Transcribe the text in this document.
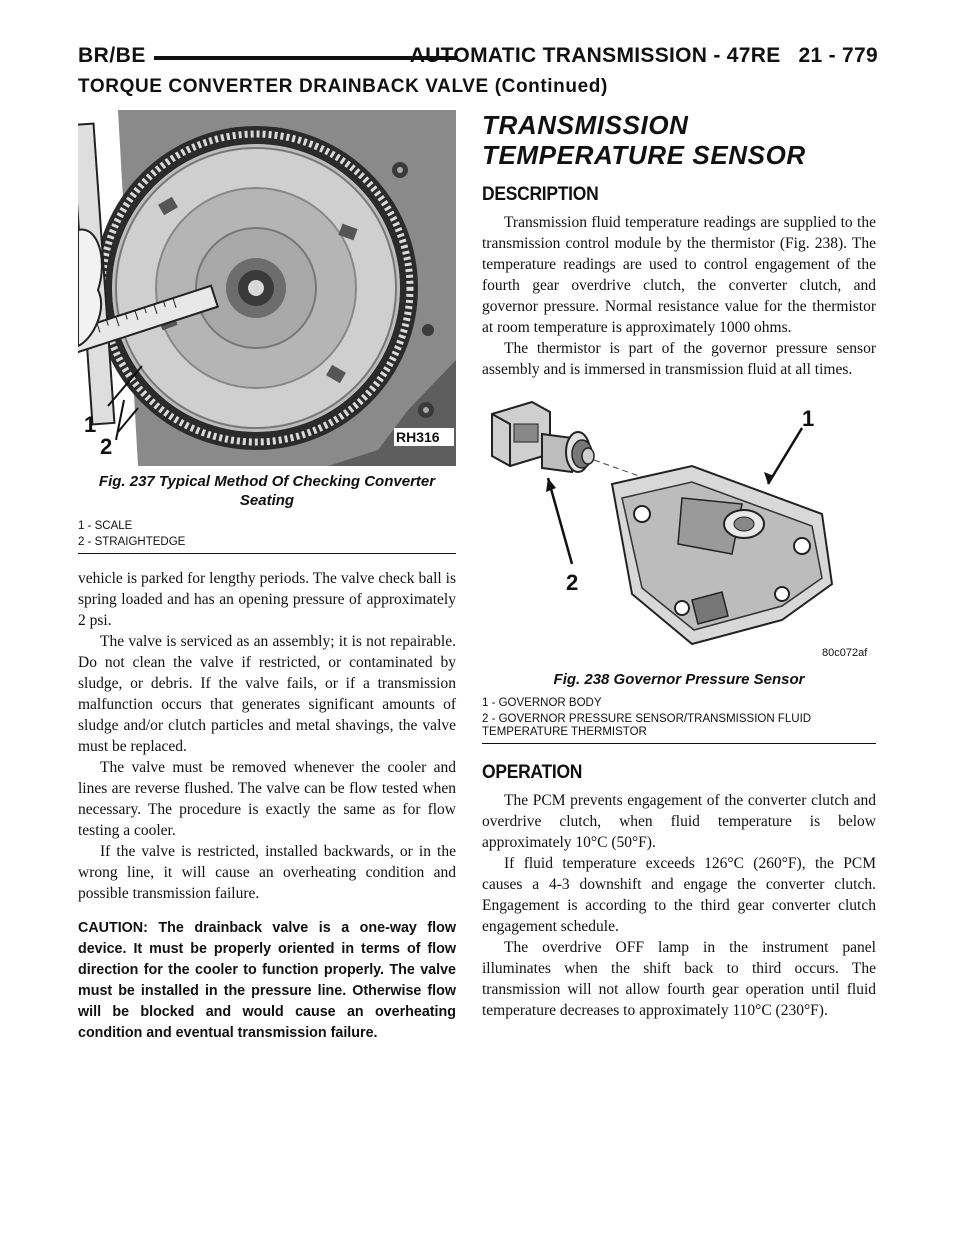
BR/BE	AUTOMATIC TRANSMISSION - 47RE 21 - 779
TORQUE CONVERTER DRAINBACK VALVE (Continued)
1
2	RH316
Fig. 237 Typical Method Of Checking Converter Seating
1 - SCALE
2 - STRAIGHTEDGE

vehicle is parked for lengthy periods. The valve check ball is spring loaded and has an opening pressure of approximately 2 psi.

The valve is serviced as an assembly; it is not repairable. Do not clean the valve if restricted, or contaminated by sludge, or debris. If the valve fails, or if a transmission malfunction occurs that generates significant amounts of sludge and/or clutch particles and metal shavings, the valve must be replaced.

The valve must be removed whenever the cooler and lines are reverse flushed. The valve can be flow tested when necessary. The procedure is exactly the same as for flow testing a cooler.

If the valve is restricted, installed backwards, or in the wrong line, it will cause an overheating condition and possible transmission failure.

CAUTION: The drainback valve is a one-way flow device. It must be properly oriented in terms of flow direction for the cooler to function properly. The valve must be installed in the pressure line. Otherwise flow will be blocked and would cause an overheating condition and eventual transmission failure.

TRANSMISSION
TEMPERATURE SENSOR
DESCRIPTION

Transmission fluid temperature readings are supplied to the transmission control module by the thermistor (Fig. 238). The temperature readings are used to control engagement of the fourth gear overdrive clutch, the converter clutch, and governor pressure. Normal resistance value for the thermistor at room temperature is approximately 1000 ohms.

The thermistor is part of the governor pressure sensor assembly and is immersed in transmission fluid at all times.

1
2
80c072af
Fig. 238 Governor Pressure Sensor
1 - GOVERNOR BODY
2 - GOVERNOR PRESSURE SENSOR/TRANSMISSION FLUID TEMPERATURE THERMISTOR
OPERATION

The PCM prevents engagement of the converter clutch and overdrive clutch, when fluid temperature is below approximately 10°C (50°F).

If fluid temperature exceeds 126°C (260°F), the PCM causes a 4-3 downshift and engage the converter clutch. Engagement is according to the third gear converter clutch engagement schedule.

The overdrive OFF lamp in the instrument panel illuminates when the shift back to third occurs. The transmission will not allow fourth gear operation until fluid temperature decreases to approximately 110°C (230°F).
